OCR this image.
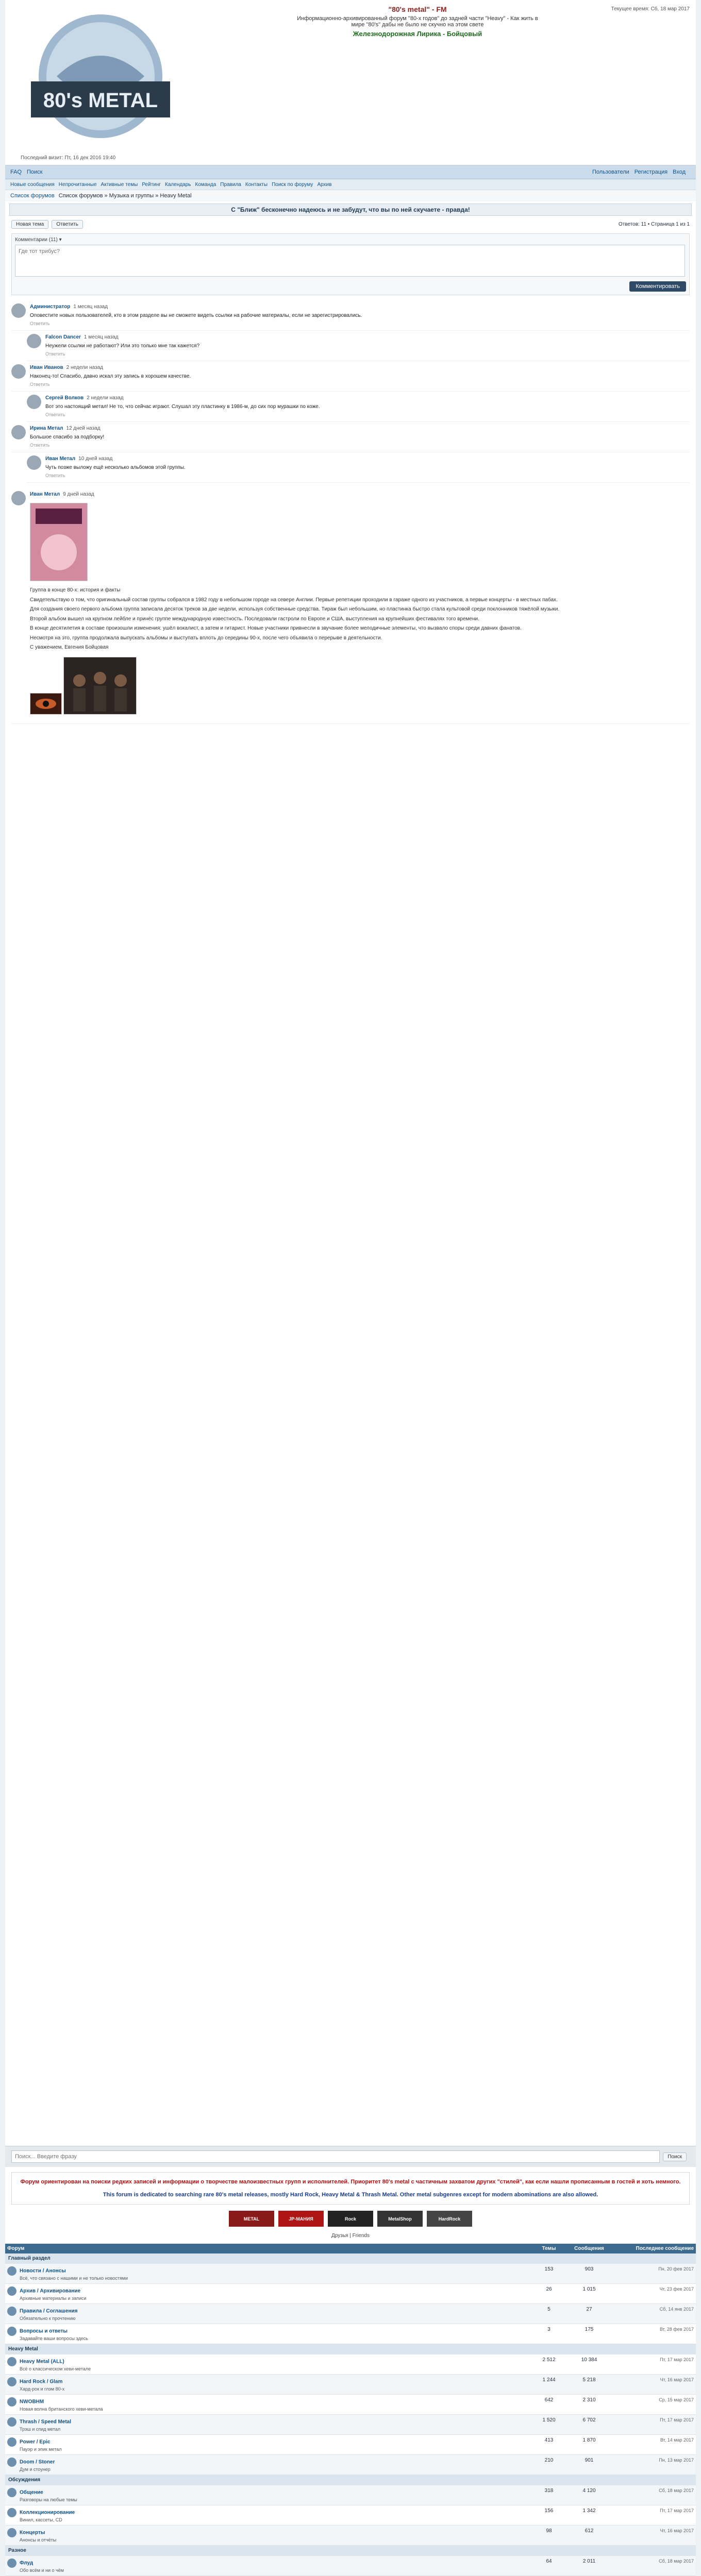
80's METAL
"80's metal" - FM
Информационно-архивированный форум "80-х годов" до задней части "Heavy" - Как жить в мире "80's" дабы не было не скучно на этом свете
Железнодорожная Лирика - Бойцовый
Текущее время: Сб, 18 мар 2017
Последний визит: Пт, 16 дек 2016 19:40
FAQ Поиск	Пользователи Регистрация Вход
Новые сообщения Непрочитанные Активные темы Рейтинг Календарь Команда Правила Контакты Поиск по форуму Архив
Список форумов Список форумов » Музыка и группы » Heavy Metal
С "Ближ" бесконечно надеюсь и не забудут, что вы по ней скучаете - правда!
Новая тема	Ответить	Ответов: 11 • Страница 1 из 1
Комментарии (11) ▾
Где тот трибус?
Комментировать
Администратор 1 месяц назад
Оповестите новых пользователей, кто в этом разделе вы не сможете видеть ссылки на рабочие материалы, если не зарегистрировались.
Ответить
Falcon Dancer 1 месяц назад
Неужели ссылки не работают? Или это только мне так кажется?
Ответить
Иван Иванов 2 недели назад
Наконец-то! Спасибо, давно искал эту запись в хорошем качестве.
Ответить
Сергей Волков 2 недели назад
Вот это настоящий метал! Не то, что сейчас играют. Слушал эту пластинку в 1986-м, до сих пор мурашки по коже.
Ответить
Ирина Метал 12 дней назад
Большое спасибо за подборку!
Ответить
Иван Метал 10 дней назад
Чуть позже выложу ещё несколько альбомов этой группы.
Ответить
Иван Метал 9 дней назад

Группа в конце 80-х: история и факты

Свидетельствую о том, что оригинальный состав группы собрался в 1982 году в небольшом городе на севере Англии. Первые репетиции проходили в гараже одного из участников, а первые концерты - в местных пабах.

Для создания своего первого альбома группа записала десяток треков за две недели, используя собственные средства. Тираж был небольшим, но пластинка быстро стала культовой среди поклонников тяжёлой музыки.

Второй альбом вышел на крупном лейбле и принёс группе международную известность. Последовали гастроли по Европе и США, выступления на крупнейших фестивалях того времени.

В конце десятилетия в составе произошли изменения: ушёл вокалист, а затем и гитарист. Новые участники привнесли в звучание более мелодичные элементы, что вызвало споры среди давних фанатов.

Несмотря на это, группа продолжала выпускать альбомы и выступать вплоть до середины 90-х, после чего объявила о перерыве в деятельности.

С уважением, Евгения Бойцовая

Поиск... Введите фразу
Поиск
Форум ориентирован на поиски редких записей и информации о творчестве малоизвестных групп и исполнителей. Приоритет 80's metal с частичным захватом других "стилей", как если нашли прописанным в гостей и хоть немного.
This forum is dedicated to searching rare 80's metal releases, mostly Hard Rock, Heavy Metal & Thrash Metal. Other metal subgenres except for modern abominations are also allowed.
METAL	JP-МАНИЯ	Rock	MetalShop	HardRock
Друзья | Friends
Форум	Темы	Сообщения	Последнее сообщение
Главный раздел			
Новости / Анонсы
Всё, что связано с нашими и не только новостями	153	903	Пн, 20 фев 2017
Архив / Архивирование
Архивные материалы и записи	26	1 015	Чт, 23 фев 2017
Правила / Соглашения
Обязательно к прочтению	5	27	Сб, 14 янв 2017
Вопросы и ответы
Задавайте ваши вопросы здесь	3	175	Вт, 28 фев 2017
Heavy Metal			
Heavy Metal (ALL)
Всё о классическом хеви-метале	2 512	10 384	Пт, 17 мар 2017
Hard Rock / Glam
Хард-рок и глэм 80-х	1 244	5 218	Чт, 16 мар 2017
NWOBHM
Новая волна британского хеви-метала	642	2 310	Ср, 15 мар 2017
Thrash / Speed Metal
Трэш и спид метал	1 520	6 702	Пт, 17 мар 2017
Power / Epic
Пауэр и эпик метал	413	1 870	Вт, 14 мар 2017
Doom / Stoner
Дум и стоунер	210	901	Пн, 13 мар 2017
Обсуждения			
Общение
Разговоры на любые темы	318	4 120	Сб, 18 мар 2017
Коллекционирование
Винил, кассеты, CD	156	1 342	Пт, 17 мар 2017
Концерты
Анонсы и отчёты	98	612	Чт, 16 мар 2017
Разное			
Флуд
Обо всём и ни о чём	64	2 011	Сб, 18 мар 2017
